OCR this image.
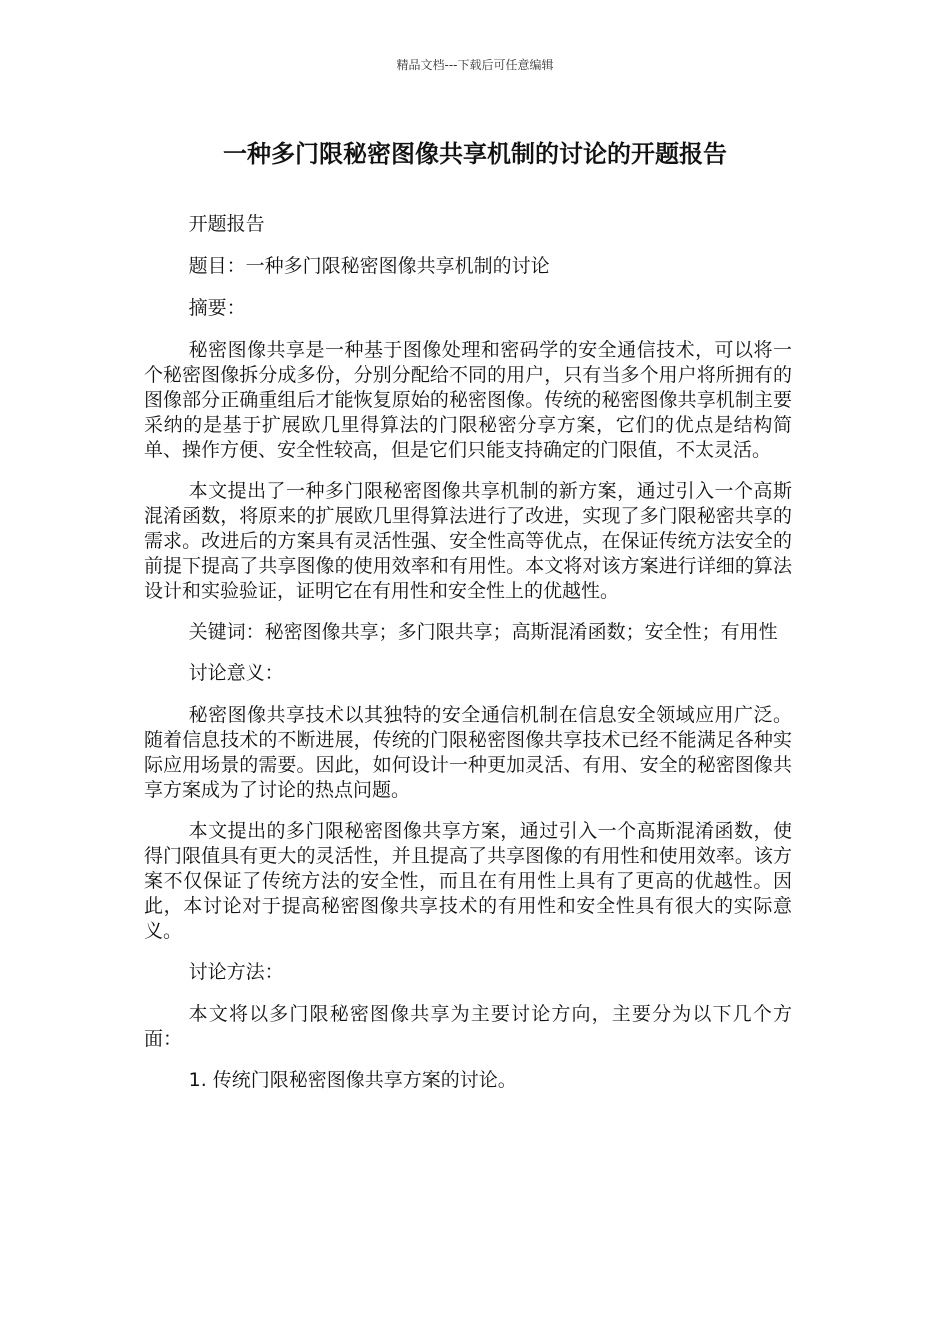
精品文档---下载后可任意编辑
一种多门限秘密图像共享机制的讨论的开题报告

开题报告

题目：一种多门限秘密图像共享机制的讨论

摘要：

秘密图像共享是一种基于图像处理和密码学的安全通信技术，可以将一个秘密图像拆分成多份，分别分配给不同的用户，只有当多个用户将所拥有的图像部分正确重组后才能恢复原始的秘密图像。传统的秘密图像共享机制主要采纳的是基于扩展欧几里得算法的门限秘密分享方案，它们的优点是结构简单、操作方便、安全性较高，但是它们只能支持确定的门限值，不太灵活。

本文提出了一种多门限秘密图像共享机制的新方案，通过引入一个高斯混淆函数，将原来的扩展欧几里得算法进行了改进，实现了多门限秘密共享的需求。改进后的方案具有灵活性强、安全性高等优点，在保证传统方法安全的前提下提高了共享图像的使用效率和有用性。本文将对该方案进行详细的算法设计和实验验证，证明它在有用性和安全性上的优越性。

关键词：秘密图像共享；多门限共享；高斯混淆函数；安全性；有用性

讨论意义：

秘密图像共享技术以其独特的安全通信机制在信息安全领域应用广泛。随着信息技术的不断进展，传统的门限秘密图像共享技术已经不能满足各种实际应用场景的需要。因此，如何设计一种更加灵活、有用、安全的秘密图像共享方案成为了讨论的热点问题。

本文提出的多门限秘密图像共享方案，通过引入一个高斯混淆函数，使得门限值具有更大的灵活性，并且提高了共享图像的有用性和使用效率。该方案不仅保证了传统方法的安全性，而且在有用性上具有了更高的优越性。因此，本讨论对于提高秘密图像共享技术的有用性和安全性具有很大的实际意义。

讨论方法：

本文将以多门限秘密图像共享为主要讨论方向，主要分为以下几个方面：

1. 传统门限秘密图像共享方案的讨论。
